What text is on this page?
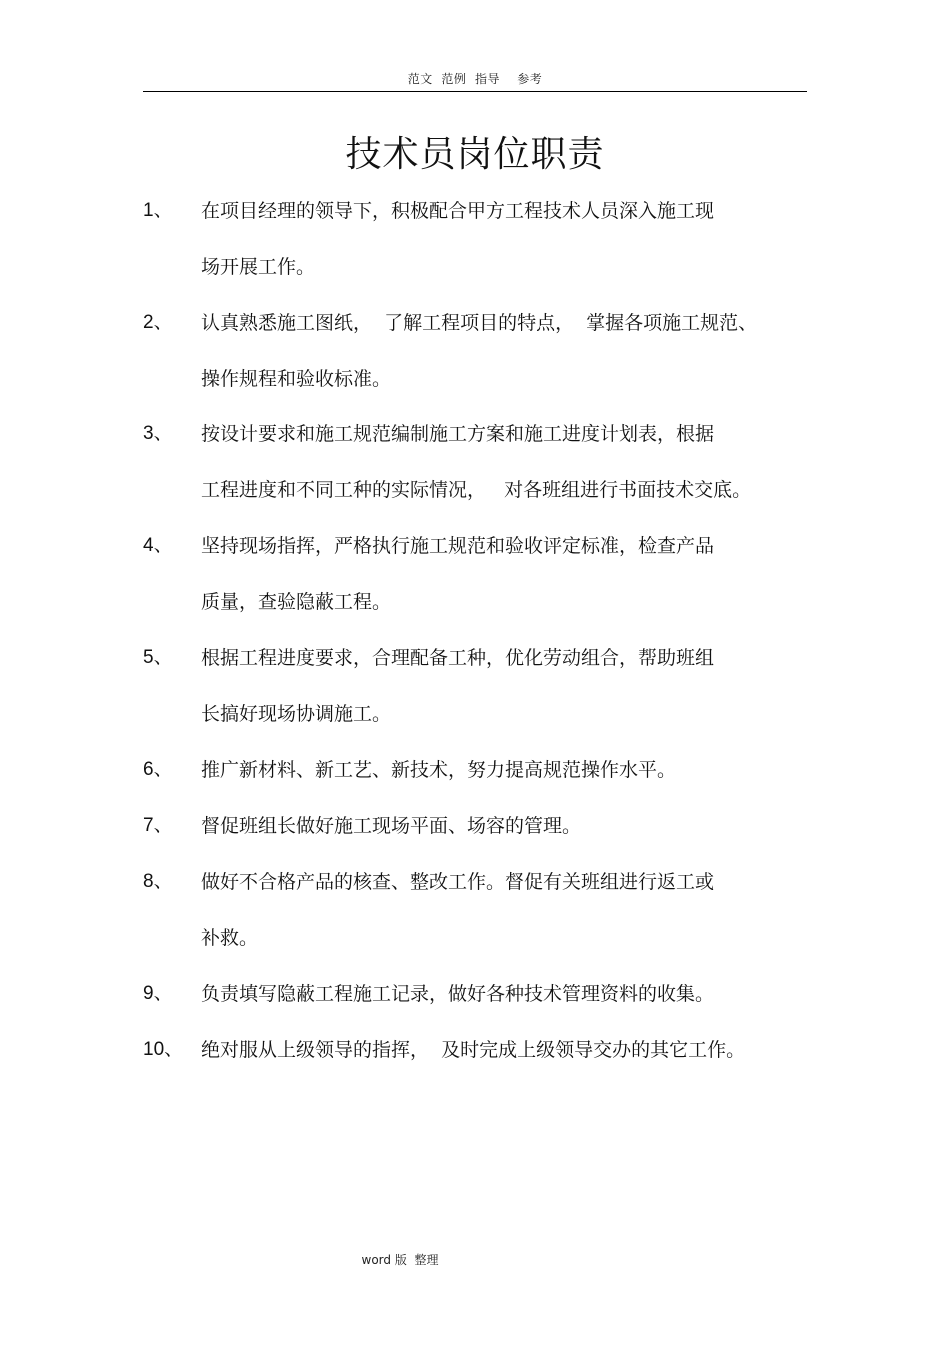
范文  范例  指导    参考
技术员岗位职责
1、 在项目经理的领导下，积极配合甲方工程技术人员深入施工现
场开展工作。
2、 认真熟悉施工图纸，  了解工程项目的特点，  掌握各项施工规范、
操作规程和验收标准。
3、 按设计要求和施工规范编制施工方案和施工进度计划表，根据
工程进度和不同工种的实际情况，   对各班组进行书面技术交底。
4、 坚持现场指挥，严格执行施工规范和验收评定标准，检查产品
质量，查验隐蔽工程。
5、 根据工程进度要求，合理配备工种，优化劳动组合，帮助班组
长搞好现场协调施工。
6、 推广新材料、新工艺、新技术，努力提高规范操作水平。
7、 督促班组长做好施工现场平面、场容的管理。
8、 做好不合格产品的核查、整改工作。督促有关班组进行返工或
补救。
9、 负责填写隐蔽工程施工记录，做好各种技术管理资料的收集。
10、 绝对服从上级领导的指挥，  及时完成上级领导交办的其它工作。
word 版  整理
